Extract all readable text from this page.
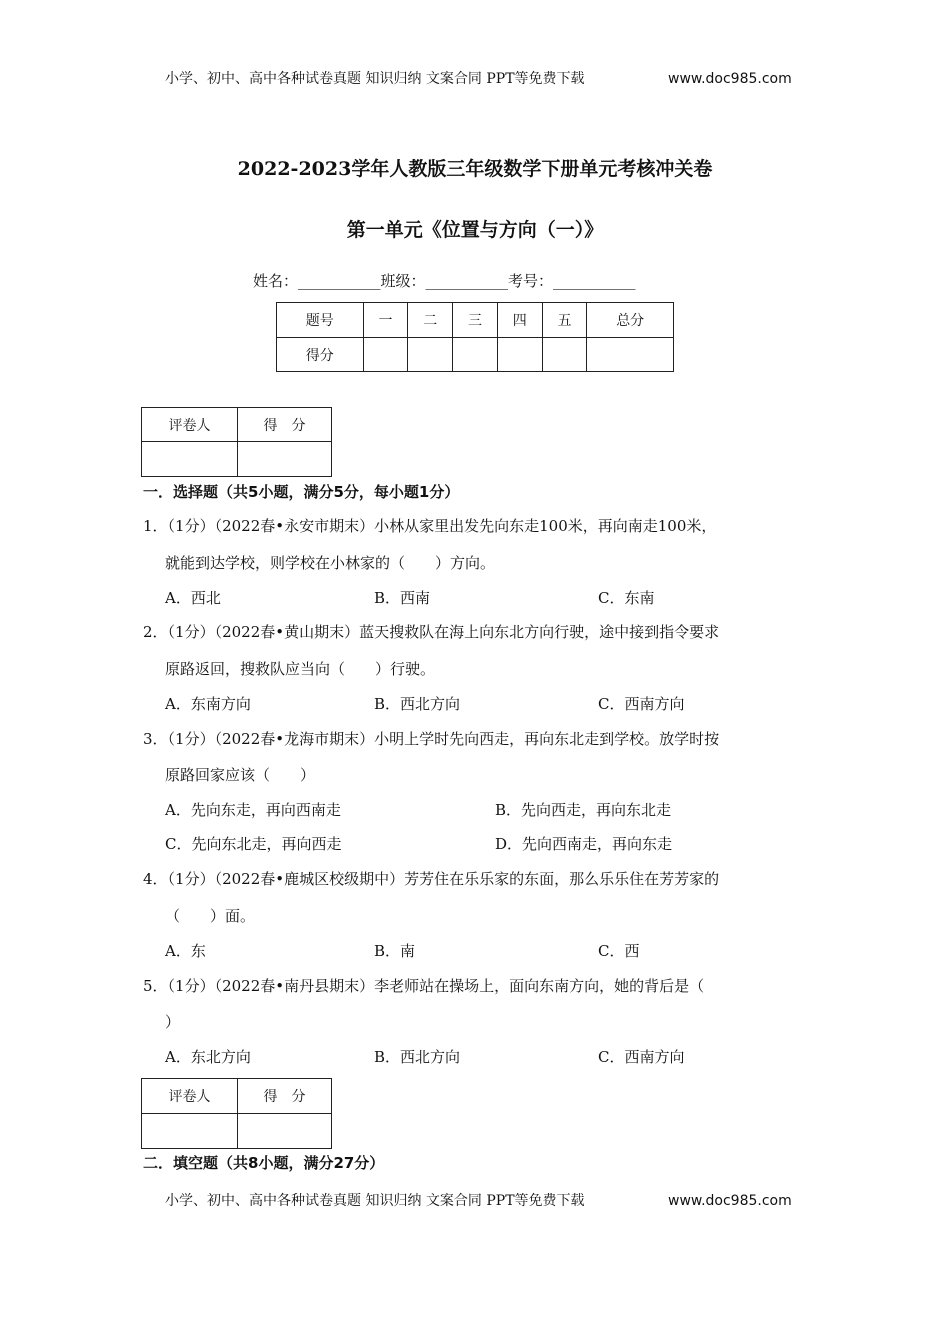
小学、初中、高中各种试卷真题 知识归纳 文案合同 PPT等免费下载	www.doc985.com
2022-2023学年人教版三年级数学下册单元考核冲关卷
第一单元《位置与方向（一）》
姓名：___________班级：___________考号：___________
题号	一	二	三	四	五	总分
得分						
评卷人	得　分

一．选择题（共5小题，满分5分，每小题1分）
1．（1分）（2022春•永安市期末）小林从家里出发先向东走100米，再向南走100米，
就能到达学校，则学校在小林家的（　　）方向。
A．西北	B．西南	C．东南
2．（1分）（2022春•黄山期末）蓝天搜救队在海上向东北方向行驶，途中接到指令要求
原路返回，搜救队应当向（　　）行驶。
A．东南方向	B．西北方向	C．西南方向
3．（1分）（2022春•龙海市期末）小明上学时先向西走，再向东北走到学校。放学时按
原路回家应该（　　）
A．先向东走，再向西南走	B．先向西走，再向东北走
C．先向东北走，再向西走	D．先向西南走，再向东走
4．（1分）（2022春•鹿城区校级期中）芳芳住在乐乐家的东面，那么乐乐住在芳芳家的
（　　）面。
A．东	B．南	C．西
5．（1分）（2022春•南丹县期末）李老师站在操场上，面向东南方向，她的背后是（
）
A．东北方向	B．西北方向	C．西南方向
评卷人	得　分

二．填空题（共8小题，满分27分）
小学、初中、高中各种试卷真题 知识归纳 文案合同 PPT等免费下载	www.doc985.com
